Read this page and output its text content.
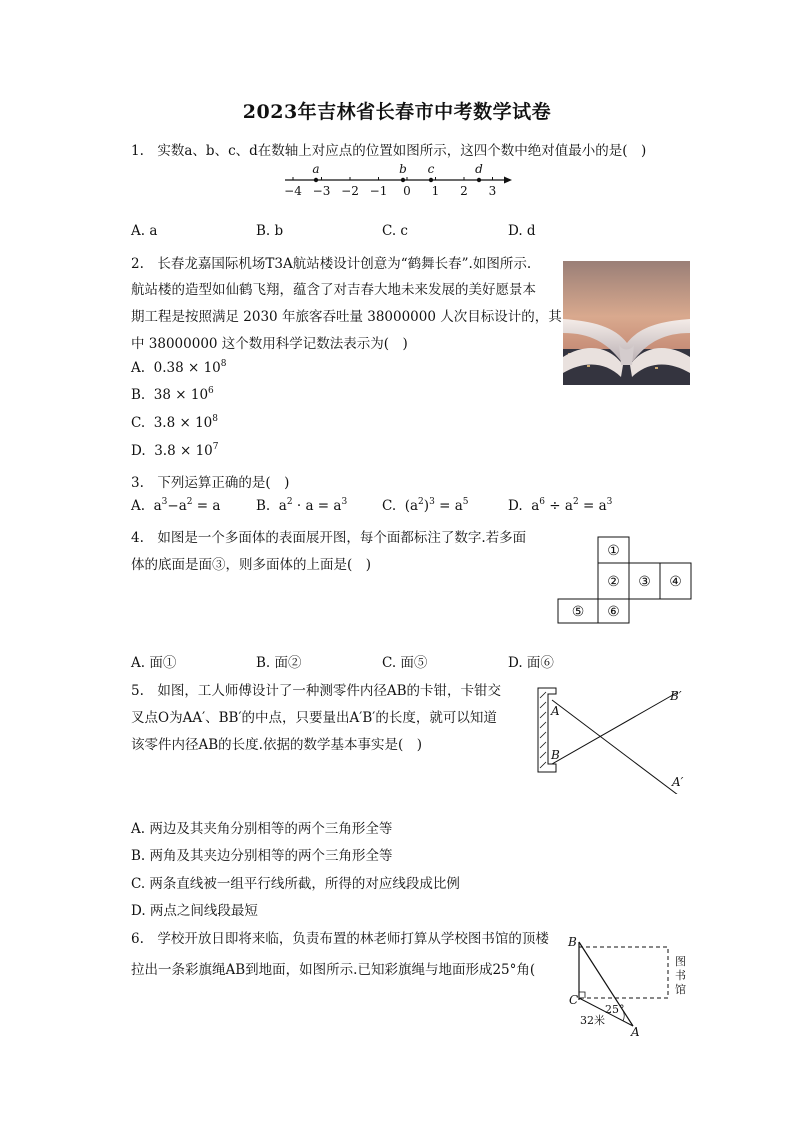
2023年吉林省长春市中考数学试卷
1.　实数a、b、c、d在数轴上对应点的位置如图所示，这四个数中绝对值最小的是(　)
−4 −3 −2 −1 0 1 2 3
a	b c	d
A. a	B. b	C. c	D. d
2.　长春龙嘉国际机场T3A航站楼设计创意为“鹤舞长春”.如图所示.
航站楼的造型如仙鹤飞翔，蕴含了对吉春大地未来发展的美好愿景本
期工程是按照满足 2030 年旅客吞吐量 38000000 人次目标设计的，其
中 38000000 这个数用科学记数法表示为(　)
A.  $0.38 \times 10^8$
B.  $38 \times 10^6$
C.  $3.8 \times 10^8$
D.  $3.8 \times 10^7$
3.　下列运算正确的是(　)
A.  $a^3-a^2 = a$	B.  $a^2 \cdot a = a^3$	C.  $(a^2)^3 = a^5$	D.  $a^6 \div a^2 = a^3$
4.　如图是一个多面体的表面展开图，每个面都标注了数字.若多面
体的底面是面③，则多面体的上面是(　)
①
② ③ ④
⑤ ⑥
A. 面①	B. 面②	C. 面⑤	D. 面⑥
5.　如图，工人师傅设计了一种测零件内径AB的卡钳，卡钳交
叉点O为AA′、BB′的中点，只要量出A′B′的长度，就可以知道
该零件内径AB的长度.依据的数学基本事实是(　)
A
B
B′
A′
A. 两边及其夹角分别相等的两个三角形全等
B. 两角及其夹边分别相等的两个三角形全等
C. 两条直线被一组平行线所截，所得的对应线段成比例
D. 两点之间线段最短
6.　学校开放日即将来临，负责布置的林老师打算从学校图书馆的顶楼
拉出一条彩旗绳AB到地面，如图所示.已知彩旗绳与地面形成25°角(
B
C
A
25°
32米
图
书
馆
